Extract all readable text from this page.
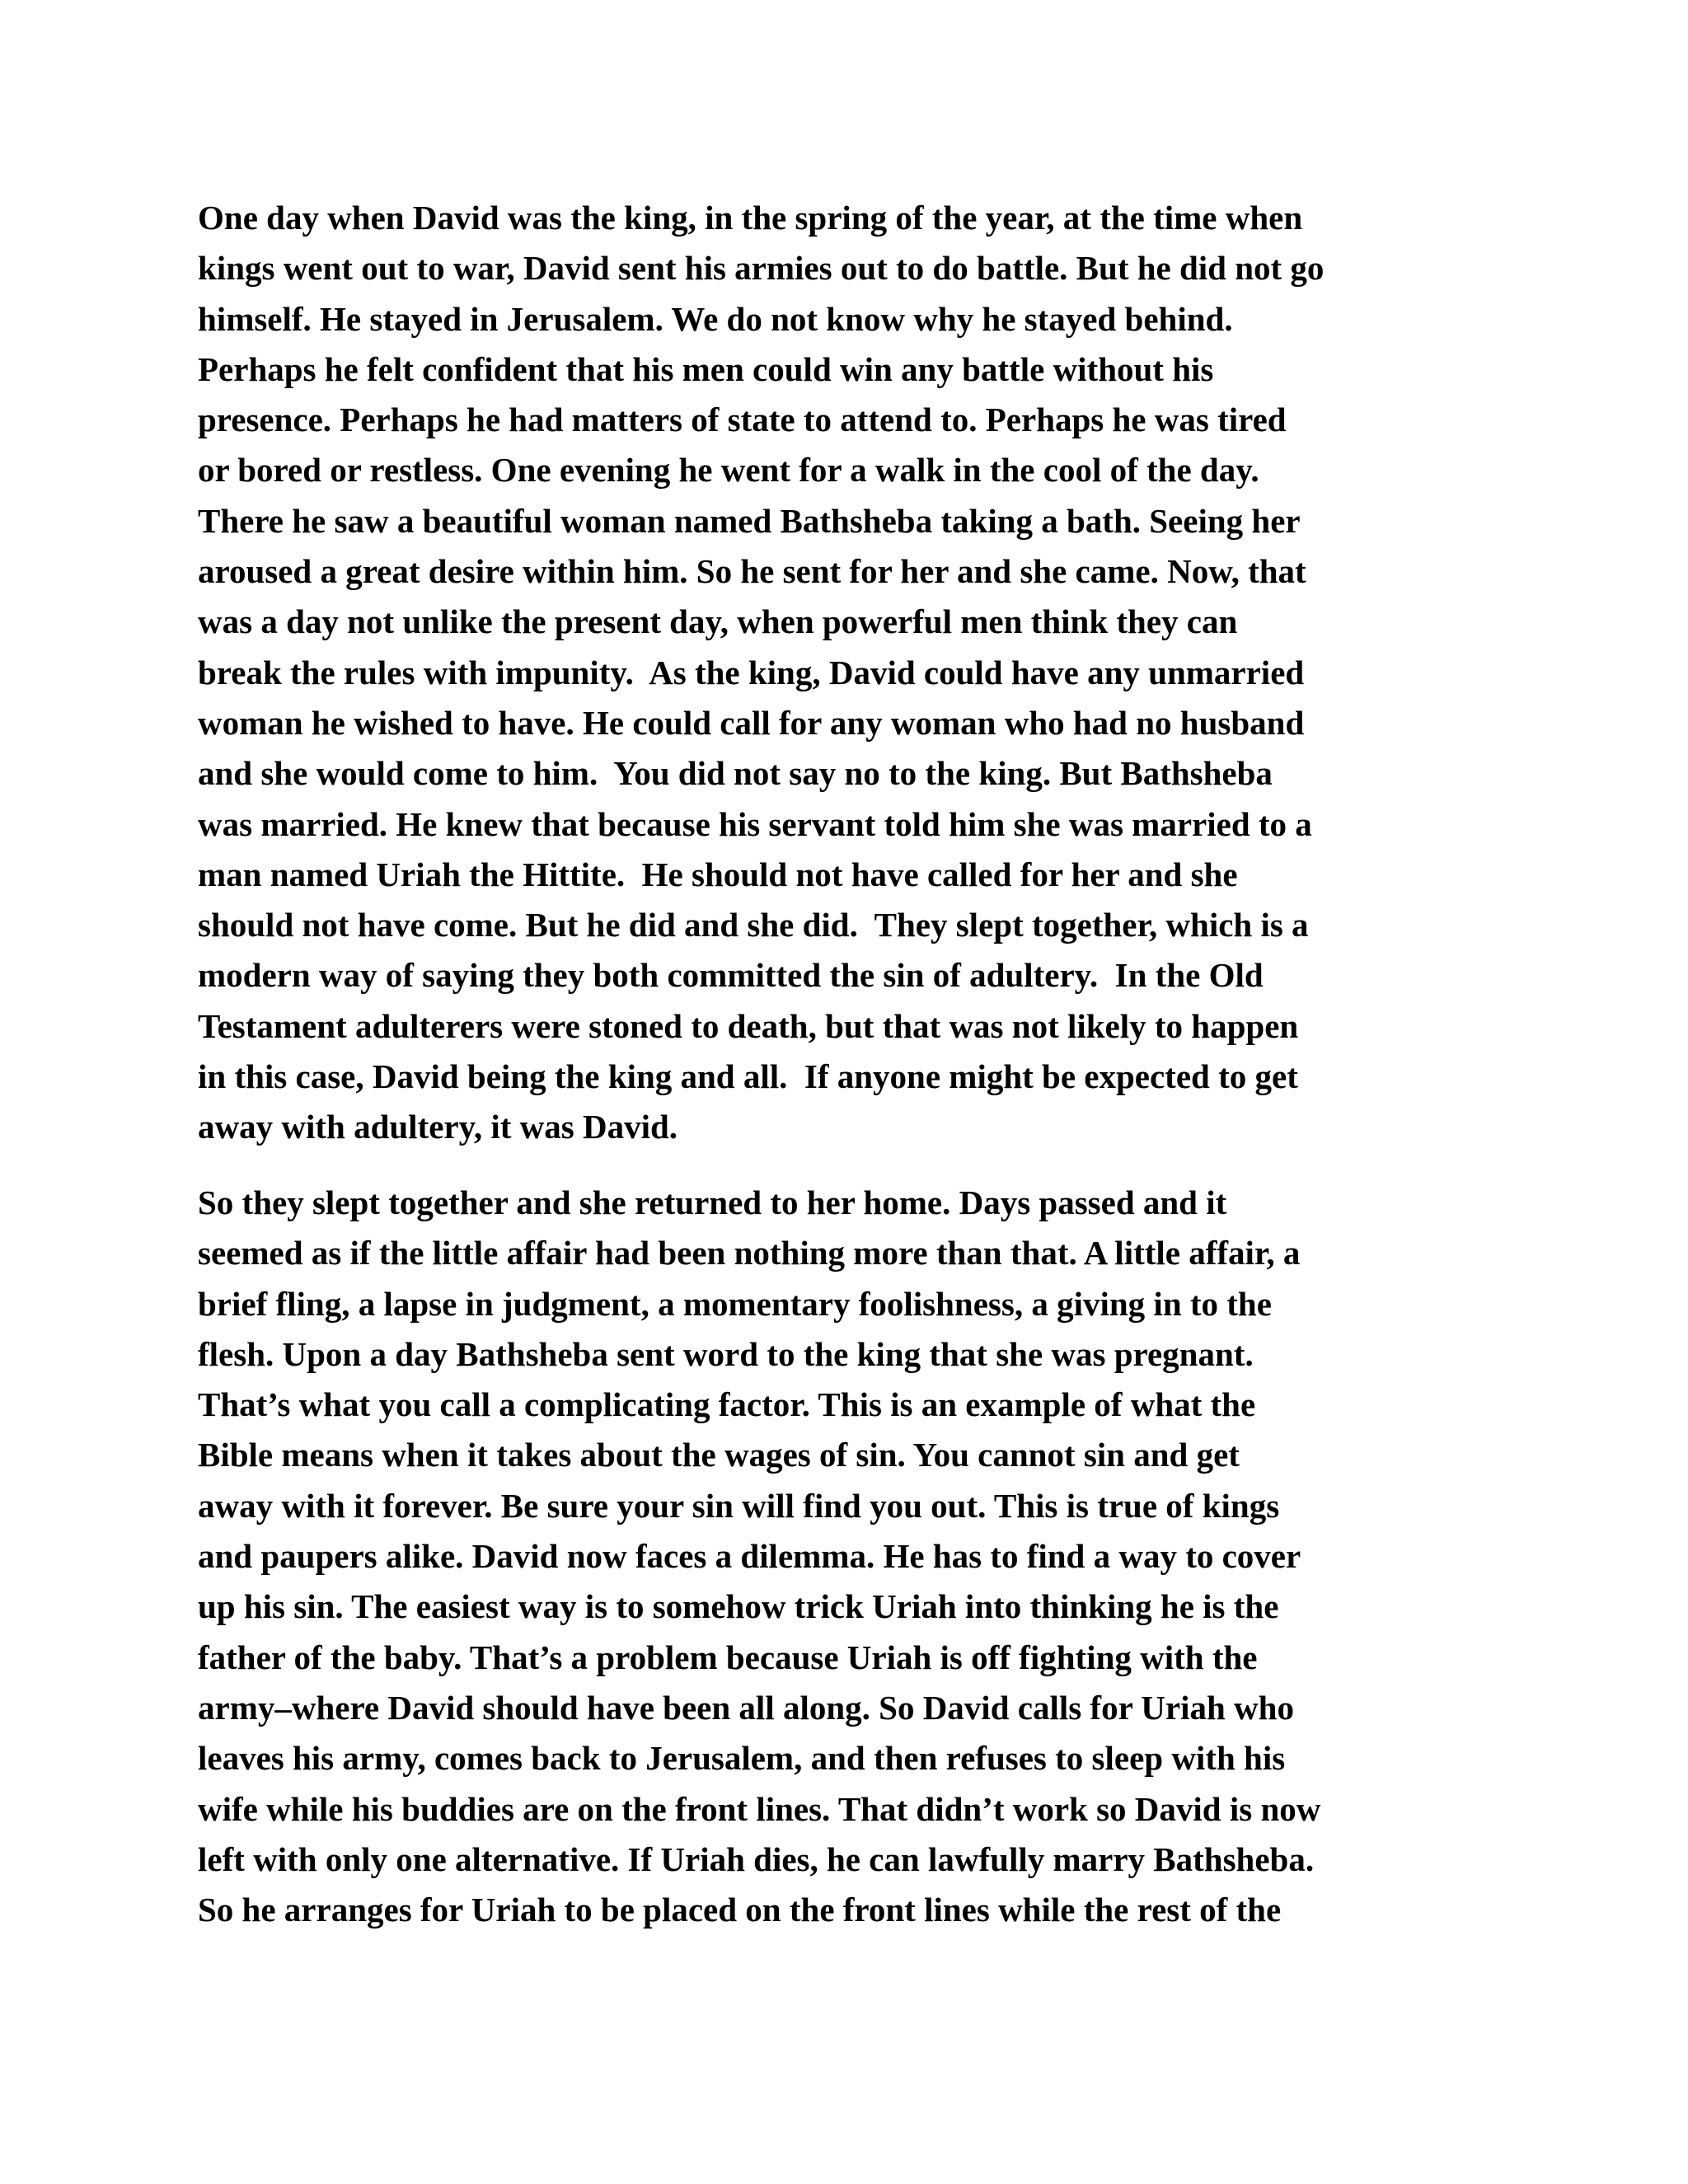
One day when David was the king, in the spring of the year, at the time when
kings went out to war, David sent his armies out to do battle. But he did not go
himself. He stayed in Jerusalem. We do not know why he stayed behind.
Perhaps he felt confident that his men could win any battle without his
presence. Perhaps he had matters of state to attend to. Perhaps he was tired
or bored or restless. One evening he went for a walk in the cool of the day.
There he saw a beautiful woman named Bathsheba taking a bath. Seeing her
aroused a great desire within him. So he sent for her and she came. Now, that
was a day not unlike the present day, when powerful men think they can
break the rules with impunity.  As the king, David could have any unmarried
woman he wished to have. He could call for any woman who had no husband
and she would come to him.  You did not say no to the king. But Bathsheba
was married. He knew that because his servant told him she was married to a
man named Uriah the Hittite.  He should not have called for her and she
should not have come. But he did and she did.  They slept together, which is a
modern way of saying they both committed the sin of adultery.  In the Old
Testament adulterers were stoned to death, but that was not likely to happen
in this case, David being the king and all.  If anyone might be expected to get
away with adultery, it was David.
So they slept together and she returned to her home. Days passed and it
seemed as if the little affair had been nothing more than that. A little affair, a
brief fling, a lapse in judgment, a momentary foolishness, a giving in to the
flesh. Upon a day Bathsheba sent word to the king that she was pregnant.
That’s what you call a complicating factor. This is an example of what the
Bible means when it takes about the wages of sin. You cannot sin and get
away with it forever. Be sure your sin will find you out. This is true of kings
and paupers alike. David now faces a dilemma. He has to find a way to cover
up his sin. The easiest way is to somehow trick Uriah into thinking he is the
father of the baby. That’s a problem because Uriah is off fighting with the
army–where David should have been all along. So David calls for Uriah who
leaves his army, comes back to Jerusalem, and then refuses to sleep with his
wife while his buddies are on the front lines. That didn’t work so David is now
left with only one alternative. If Uriah dies, he can lawfully marry Bathsheba.
So he arranges for Uriah to be placed on the front lines while the rest of the
